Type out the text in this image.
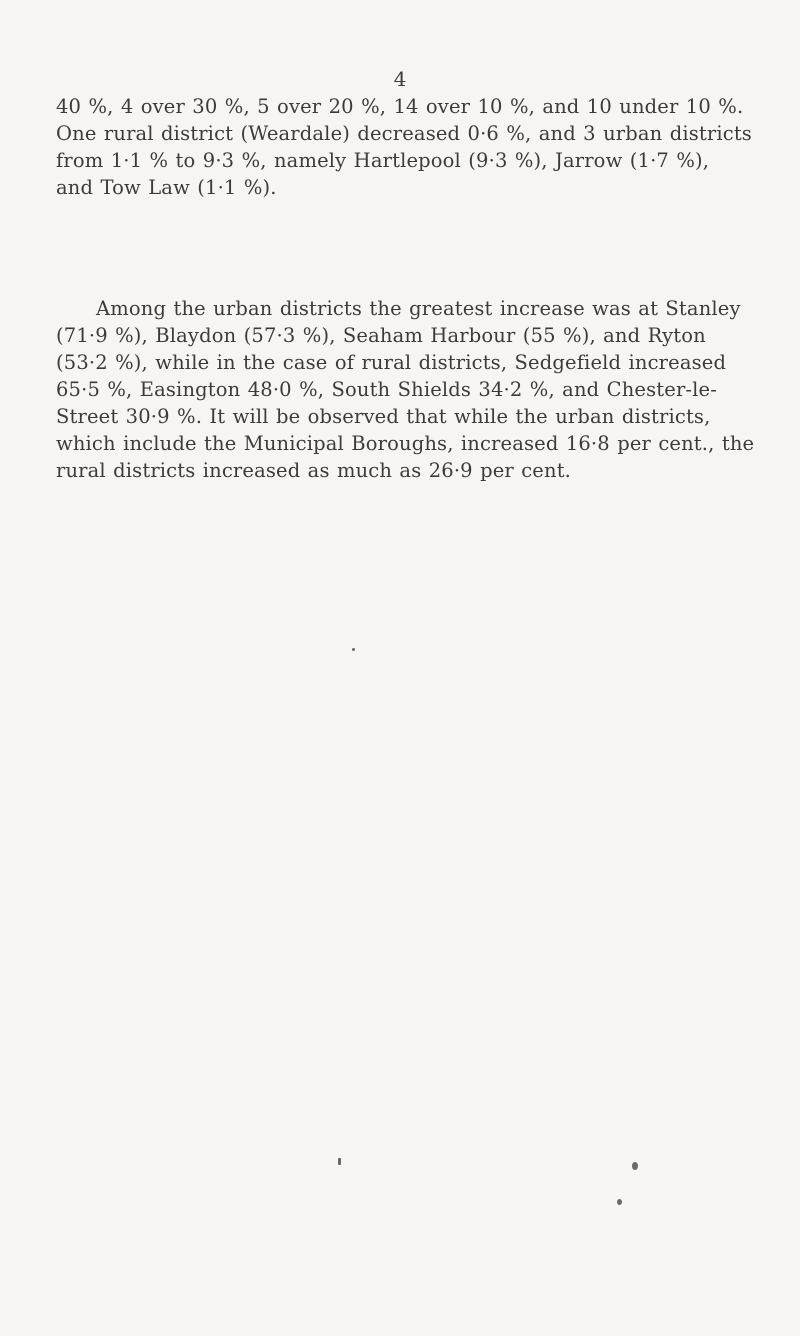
4

40 %, 4 over 30 %, 5 over 20 %, 14 over 10 %, and 10 under 10 %.

One rural district (Weardale) decreased 0·6 %, and 3 urban districts

from 1·1 % to 9·3 %, namely Hartlepool (9·3 %), Jarrow (1·7 %),

and Tow Law (1·1 %).

Among the urban districts the greatest increase was at Stanley

(71·9 %), Blaydon (57·3 %), Seaham Harbour (55 %), and Ryton

(53·2 %), while in the case of rural districts, Sedgefield increased

65·5 %, Easington 48·0 %, South Shields 34·2 %, and Chester-le-

Street 30·9 %. It will be observed that while the urban districts,

which include the Municipal Boroughs, increased 16·8 per cent., the

rural districts increased as much as 26·9 per cent.
